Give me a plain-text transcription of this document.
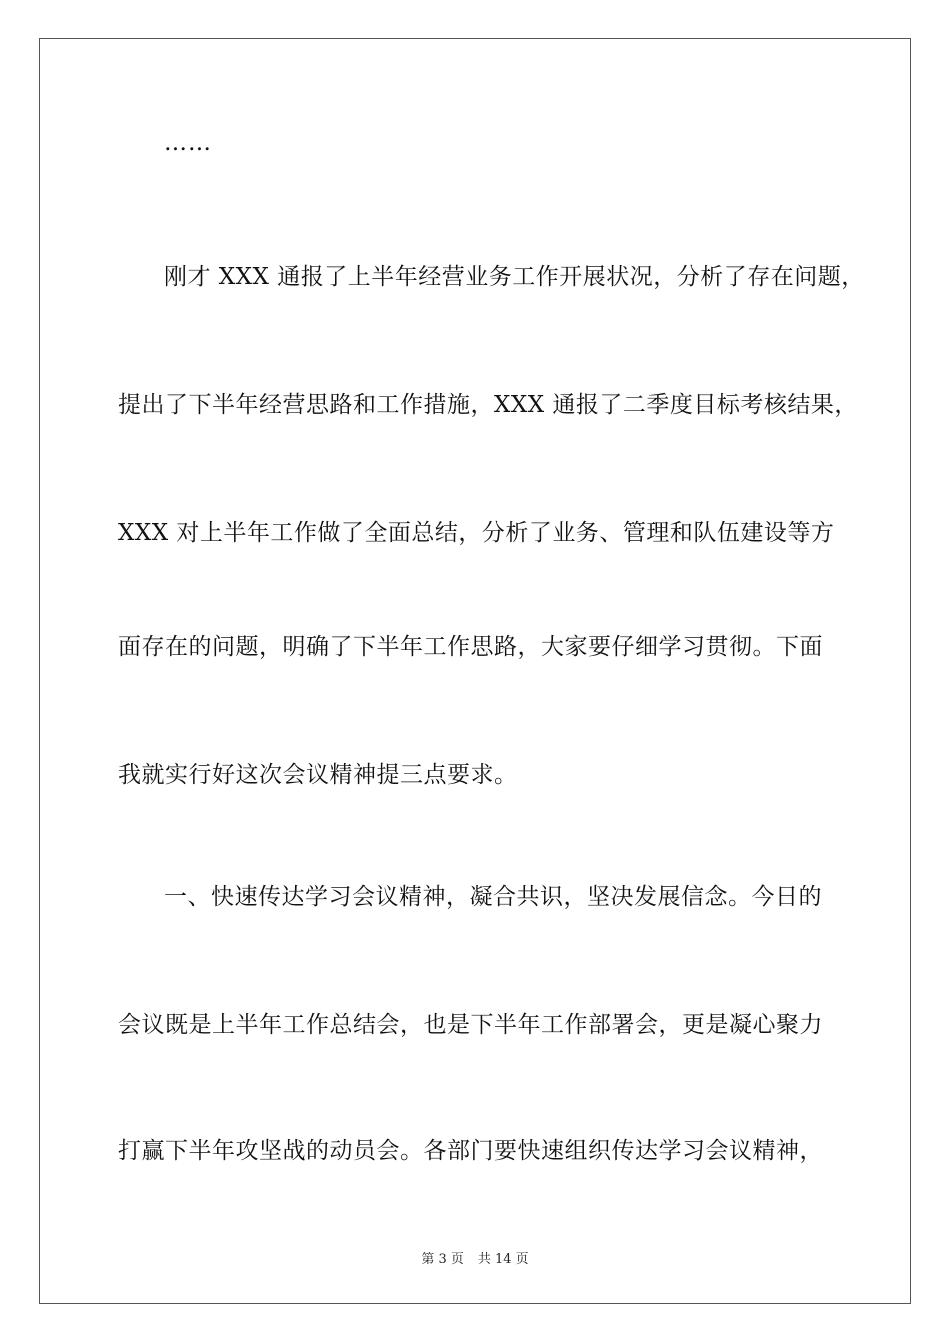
……
刚才 XXX 通报了上半年经营业务工作开展状况，分析了存在问题，
提出了下半年经营思路和工作措施，XXX 通报了二季度目标考核结果，
XXX 对上半年工作做了全面总结，分析了业务、管理和队伍建设等方
面存在的问题，明确了下半年工作思路，大家要仔细学习贯彻。下面
我就实行好这次会议精神提三点要求。
一、快速传达学习会议精神，凝合共识，坚决发展信念。今日的
会议既是上半年工作总结会，也是下半年工作部署会，更是凝心聚力
打赢下半年攻坚战的动员会。各部门要快速组织传达学习会议精神，
第 3 页 共 14 页
